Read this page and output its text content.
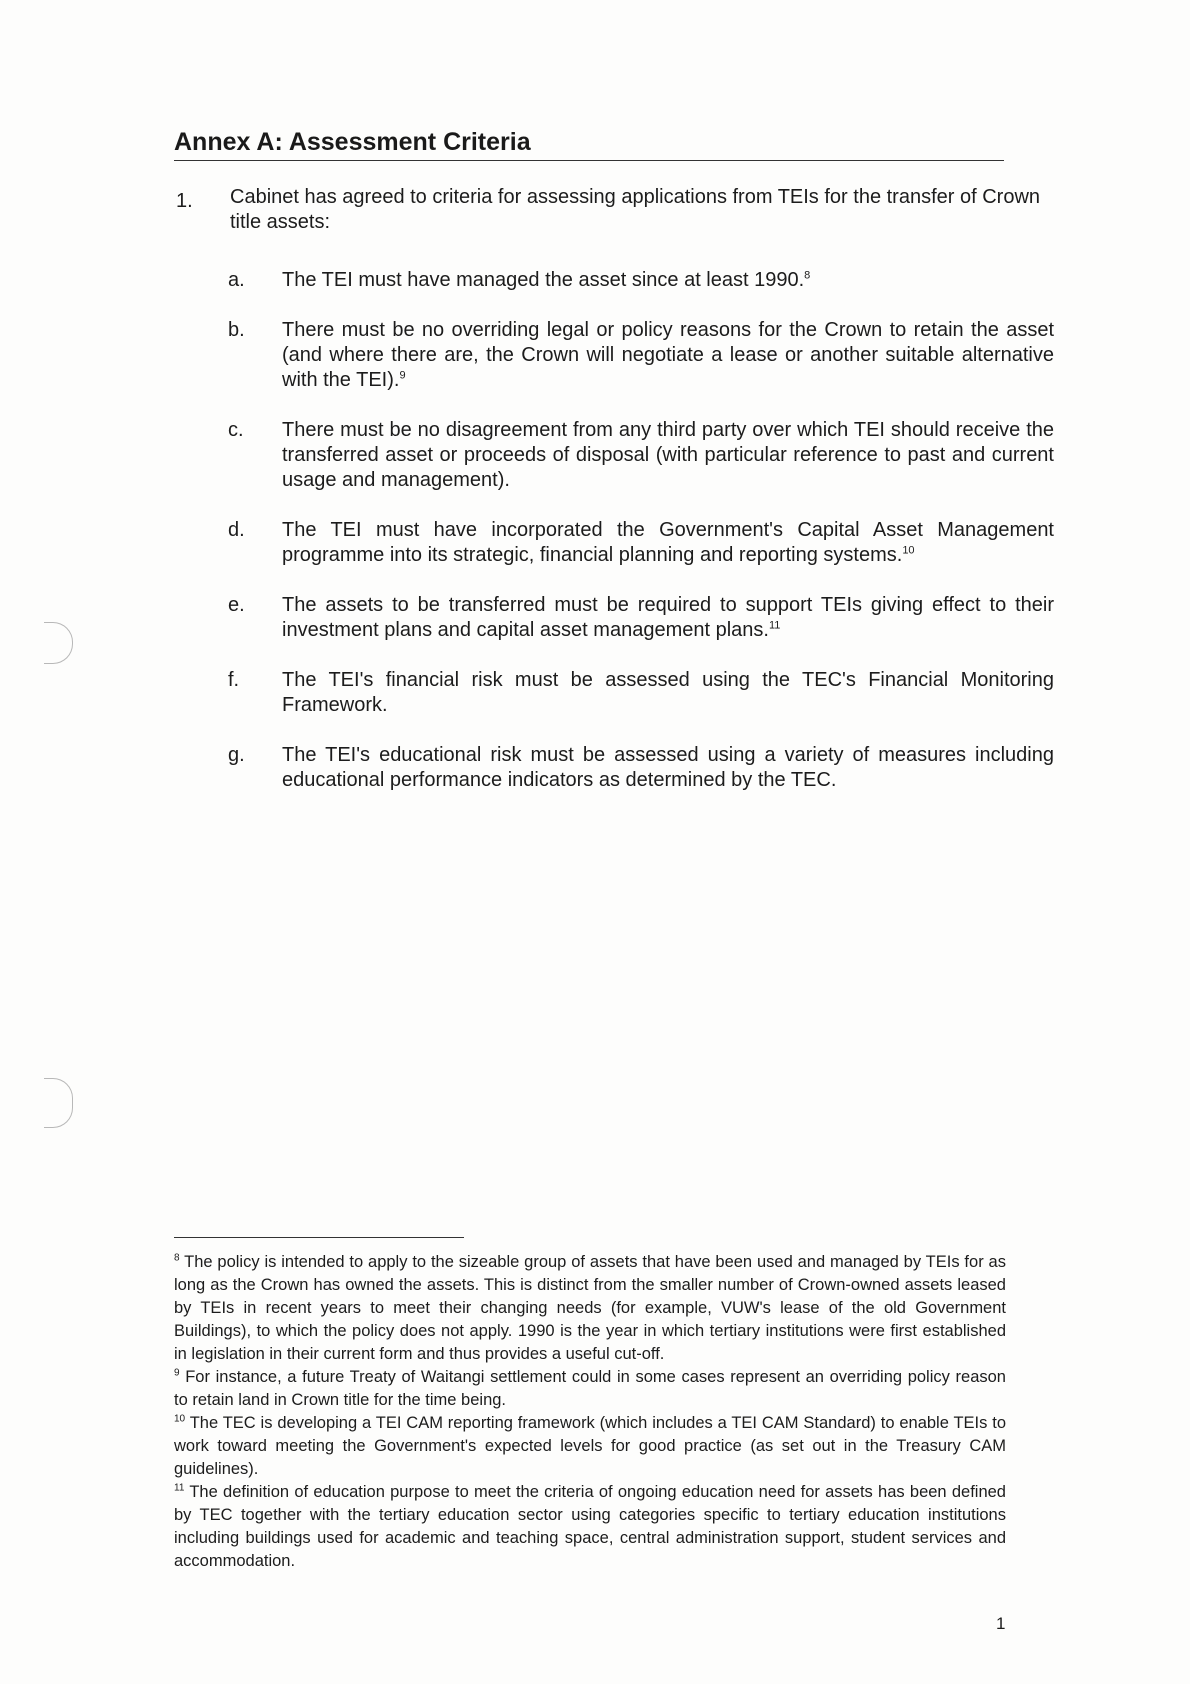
Annex A: Assessment Criteria
1. Cabinet has agreed to criteria for assessing applications from TEIs for the transfer of Crown title assets:
a. The TEI must have managed the asset since at least 1990.$^8$
b. There must be no overriding legal or policy reasons for the Crown to retain the asset (and where there are, the Crown will negotiate a lease or another suitable alternative with the TEI).$^9$
c. There must be no disagreement from any third party over which TEI should receive the transferred asset or proceeds of disposal (with particular reference to past and current usage and management).
d. The TEI must have incorporated the Government's Capital Asset Management programme into its strategic, financial planning and reporting systems.$^{10}$
e. The assets to be transferred must be required to support TEIs giving effect to their investment plans and capital asset management plans.$^{11}$
f. The TEI's financial risk must be assessed using the TEC's Financial Monitoring Framework.
g. The TEI's educational risk must be assessed using a variety of measures including educational performance indicators as determined by the TEC.

$^8$ The policy is intended to apply to the sizeable group of assets that have been used and managed by TEIs for as long as the Crown has owned the assets. This is distinct from the smaller number of Crown-owned assets leased by TEIs in recent years to meet their changing needs (for example, VUW's lease of the old Government Buildings), to which the policy does not apply. 1990 is the year in which tertiary institutions were first established in legislation in their current form and thus provides a useful cut-off.

$^9$ For instance, a future Treaty of Waitangi settlement could in some cases represent an overriding policy reason to retain land in Crown title for the time being.

$^{10}$ The TEC is developing a TEI CAM reporting framework (which includes a TEI CAM Standard) to enable TEIs to work toward meeting the Government's expected levels for good practice (as set out in the Treasury CAM guidelines).

$^{11}$ The definition of education purpose to meet the criteria of ongoing education need for assets has been defined by TEC together with the tertiary education sector using categories specific to tertiary education institutions including buildings used for academic and teaching space, central administration support, student services and accommodation.

1
